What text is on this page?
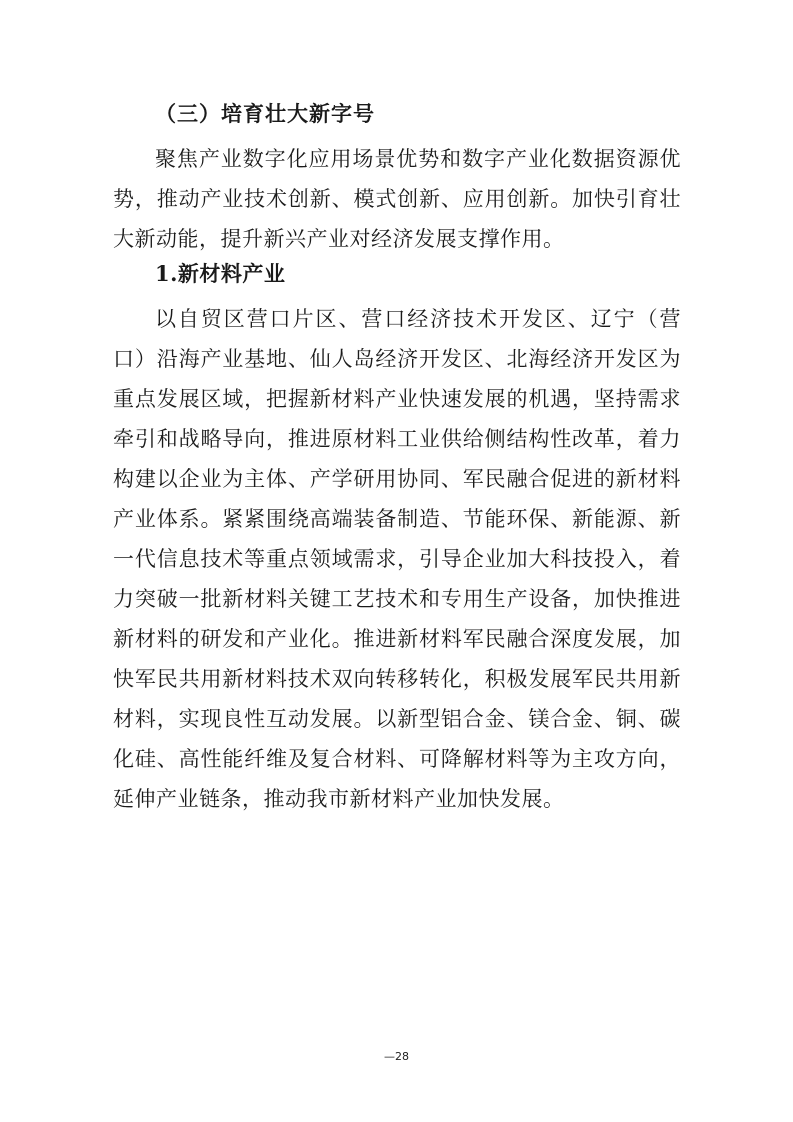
（三）培育壮大新字号

聚焦产业数字化应用场景优势和数字产业化数据资源优势，推动产业技术创新、模式创新、应用创新。加快引育壮大新动能，提升新兴产业对经济发展支撑作用。

1.新材料产业

以自贸区营口片区、营口经济技术开发区、辽宁（营口）沿海产业基地、仙人岛经济开发区、北海经济开发区为重点发展区域，把握新材料产业快速发展的机遇，坚持需求牵引和战略导向，推进原材料工业供给侧结构性改革，着力构建以企业为主体、产学研用协同、军民融合促进的新材料产业体系。紧紧围绕高端装备制造、节能环保、新能源、新一代信息技术等重点领域需求，引导企业加大科技投入，着力突破一批新材料关键工艺技术和专用生产设备，加快推进新材料的研发和产业化。推进新材料军民融合深度发展，加快军民共用新材料技术双向转移转化，积极发展军民共用新材料，实现良性互动发展。以新型铝合金、镁合金、铜、碳化硅、高性能纤维及复合材料、可降解材料等为主攻方向，延伸产业链条，推动我市新材料产业加快发展。

—28
